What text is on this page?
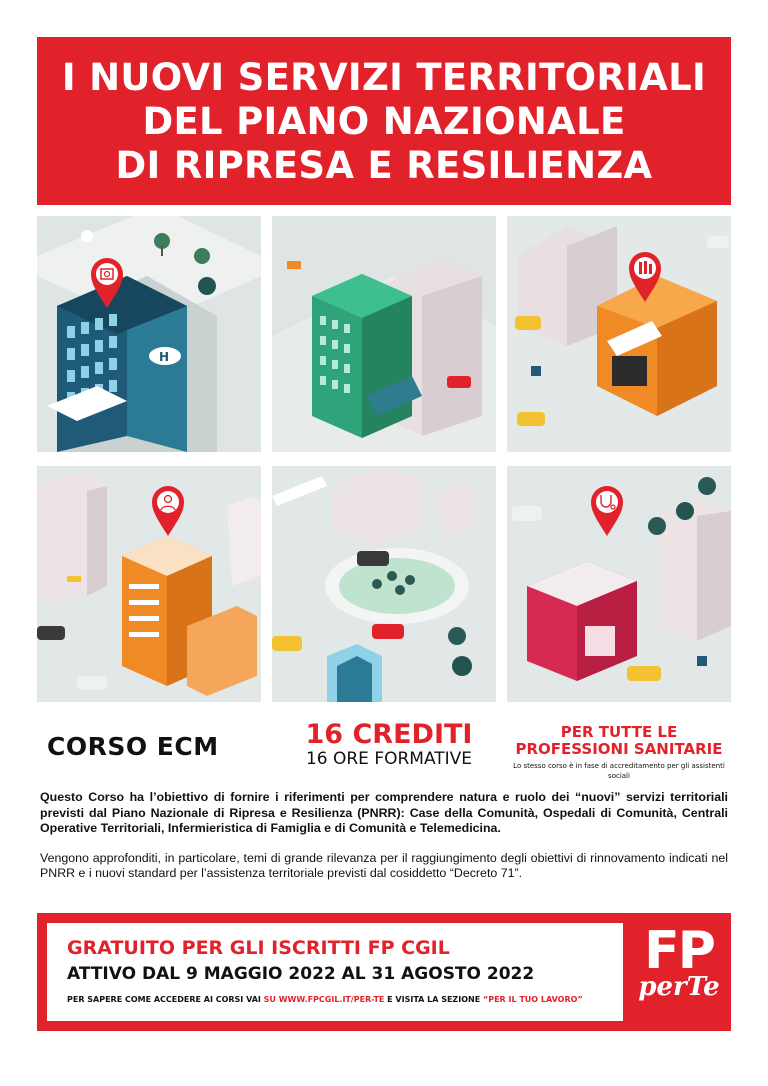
I NUOVI SERVIZI TERRITORIALI
DEL PIANO NAZIONALE
DI RIPRESA E RESILIENZA
H
CORSO ECM	16 CREDITI
16 ORE FORMATIVE
PER TUTTE LE PROFESSIONI SANITARIE
Lo stesso corso è in fase di accreditamento per gli assistenti sociali

Questo Corso ha l’obiettivo di fornire i riferimenti per comprendere natura e ruolo dei “nuovi” servizi territoriali previsti dal Piano Nazionale di Ripresa e Resilienza (PNRR): Case della Comunità, Ospedali di Comunità, Centrali Operative Territoriali, Infermieristica di Famiglia e di Comunità e Telemedicina.

Vengono approfonditi, in particolare, temi di grande rilevanza per il raggiungimento degli obiettivi di rinnovamento indicati nel PNRR e i nuovi standard per l’assistenza territoriale previsti dal cosiddetto “Decreto 71”.

GRATUITO PER GLI ISCRITTI FP CGIL
ATTIVO DAL 9 MAGGIO 2022 AL 31 AGOSTO 2022
PER SAPERE COME ACCEDERE AI CORSI VAI SU WWW.FPCGIL.IT/PER-TE E VISITA LA SEZIONE “PER IL TUO LAVORO”
FP
perTe
